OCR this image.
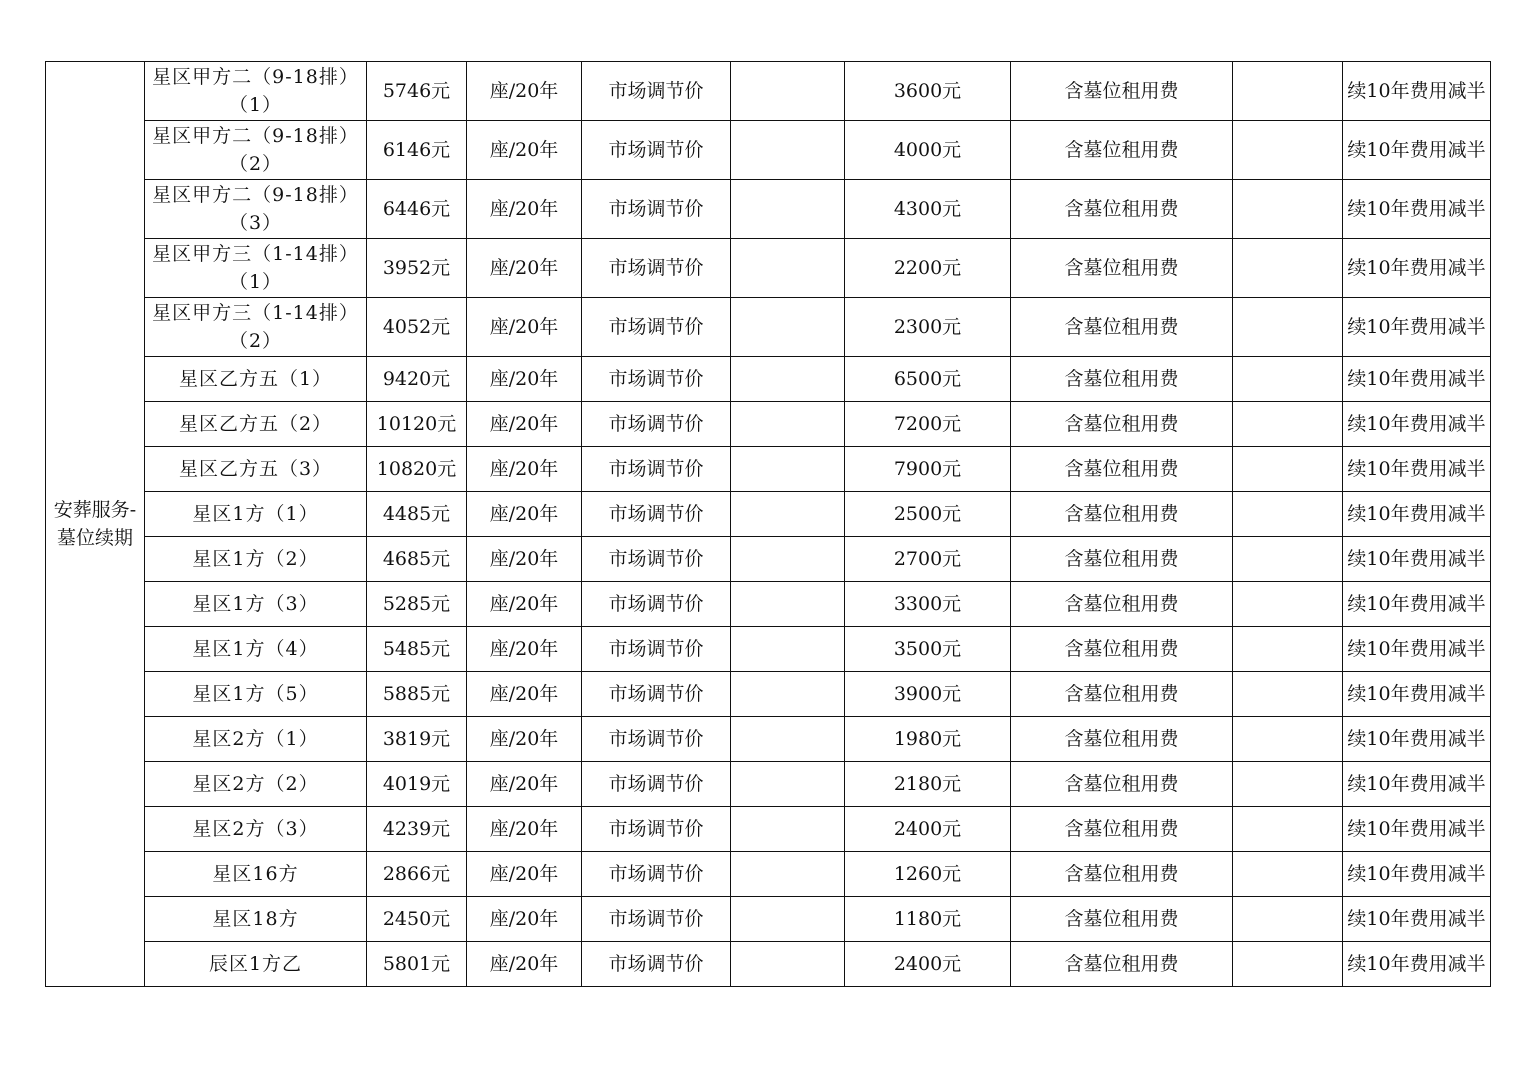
安葬服务-墓位续期	星区甲方二（9-18排）（1）	5746元	座/20年	市场调节价		3600元	含墓位租用费		续10年费用减半
	星区甲方二（9-18排）（2）	6146元	座/20年	市场调节价		4000元	含墓位租用费		续10年费用减半
	星区甲方二（9-18排）（3）	6446元	座/20年	市场调节价		4300元	含墓位租用费		续10年费用减半
	星区甲方三（1-14排）（1）	3952元	座/20年	市场调节价		2200元	含墓位租用费		续10年费用减半
	星区甲方三（1-14排）（2）	4052元	座/20年	市场调节价		2300元	含墓位租用费		续10年费用减半
	星区乙方五（1）	9420元	座/20年	市场调节价		6500元	含墓位租用费		续10年费用减半
	星区乙方五（2）	10120元	座/20年	市场调节价		7200元	含墓位租用费		续10年费用减半
	星区乙方五（3）	10820元	座/20年	市场调节价		7900元	含墓位租用费		续10年费用减半
	星区1方（1）	4485元	座/20年	市场调节价		2500元	含墓位租用费		续10年费用减半
	星区1方（2）	4685元	座/20年	市场调节价		2700元	含墓位租用费		续10年费用减半
	星区1方（3）	5285元	座/20年	市场调节价		3300元	含墓位租用费		续10年费用减半
	星区1方（4）	5485元	座/20年	市场调节价		3500元	含墓位租用费		续10年费用减半
	星区1方（5）	5885元	座/20年	市场调节价		3900元	含墓位租用费		续10年费用减半
	星区2方（1）	3819元	座/20年	市场调节价		1980元	含墓位租用费		续10年费用减半
	星区2方（2）	4019元	座/20年	市场调节价		2180元	含墓位租用费		续10年费用减半
	星区2方（3）	4239元	座/20年	市场调节价		2400元	含墓位租用费		续10年费用减半
	星区16方	2866元	座/20年	市场调节价		1260元	含墓位租用费		续10年费用减半
	星区18方	2450元	座/20年	市场调节价		1180元	含墓位租用费		续10年费用减半
	辰区1方乙	5801元	座/20年	市场调节价		2400元	含墓位租用费		续10年费用减半
